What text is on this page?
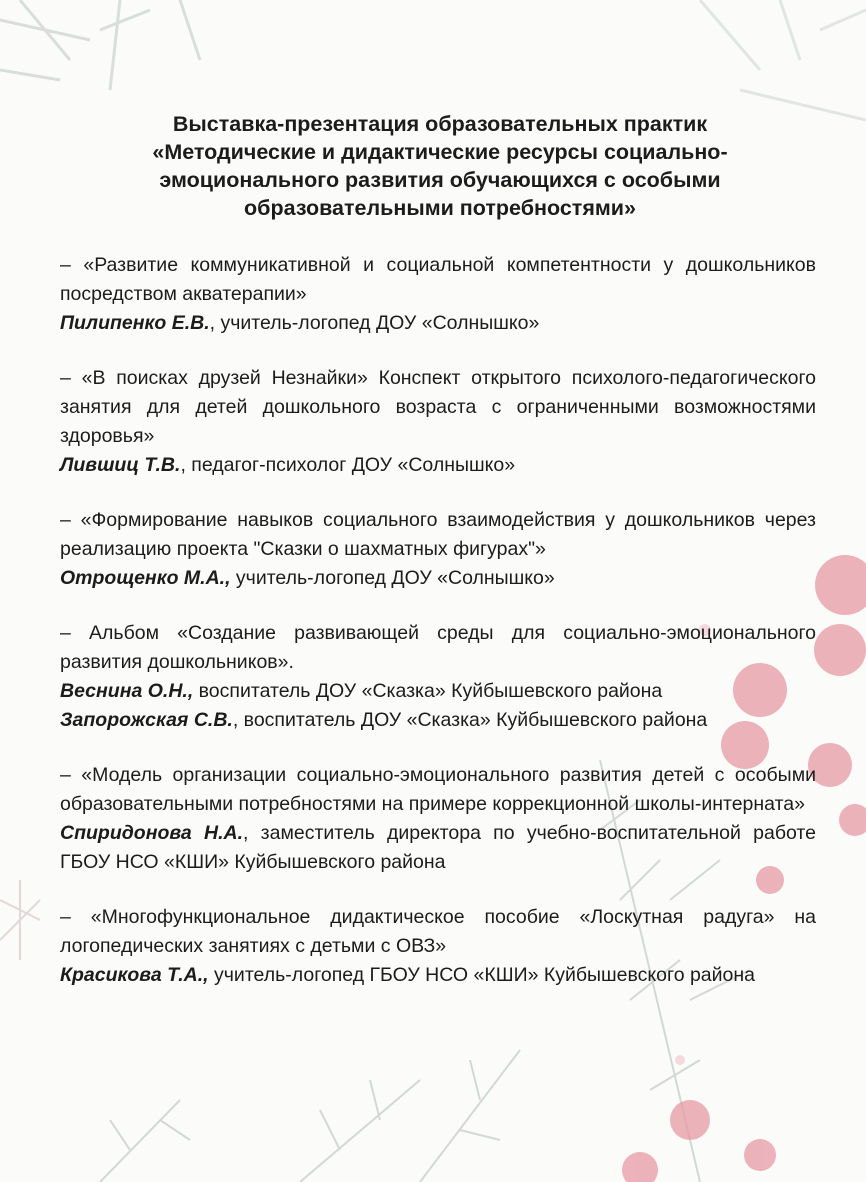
Выставка-презентация образовательных практик
«Методические и дидактические ресурсы социально-
эмоционального развития обучающихся с особыми
образовательными потребностями»
– «Развитие коммуникативной и социальной компетентности у дошкольников посредством акватерапии»
Пилипенко Е.В., учитель-логопед ДОУ «Солнышко»
– «В поисках друзей Незнайки» Конспект открытого психолого-педагогического занятия для детей дошкольного возраста с ограниченными возможностями здоровья»
Лившиц Т.В., педагог-психолог ДОУ «Солнышко»
– «Формирование навыков социального взаимодействия у дошкольников через реализацию проекта "Сказки о шахматных фигурах"»
Отрощенко М.А., учитель-логопед ДОУ «Солнышко»
– Альбом «Создание развивающей среды для социально-эмоционального развития дошкольников».
Веснина О.Н., воспитатель ДОУ «Сказка» Куйбышевского района
Запорожская С.В., воспитатель ДОУ «Сказка» Куйбышевского района
– «Модель организации социально-эмоционального развития детей с особыми образовательными потребностями на примере коррекционной школы-интерната»
Спиридонова Н.А., заместитель директора по учебно-воспитательной работе ГБОУ НСО «КШИ» Куйбышевского района
– «Многофункциональное дидактическое пособие «Лоскутная радуга» на логопедических занятиях с детьми с ОВЗ»
Красикова Т.А., учитель-логопед ГБОУ НСО «КШИ» Куйбышевского района
